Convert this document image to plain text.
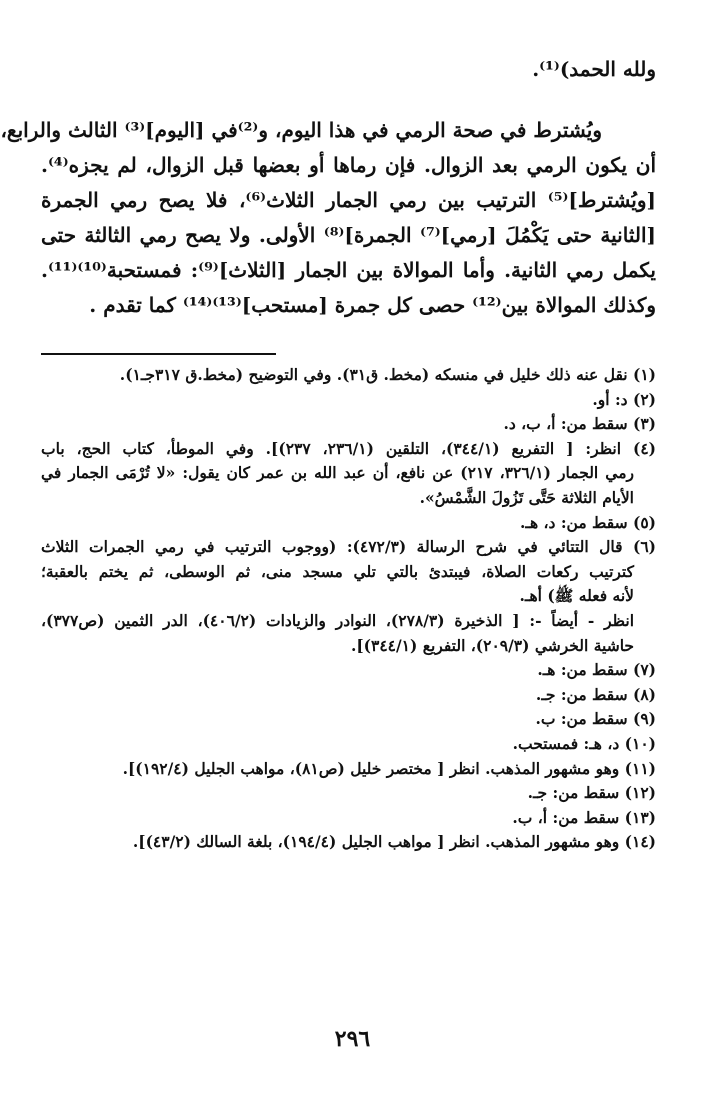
ولله الحمد)⁽¹⁾.
ويُشترط في صحة الرمي في هذا اليوم، و⁽²⁾في [اليوم]⁽³⁾ الثالث والرابع،
أن يكون الرمي بعد الزوال. فإن رماها أو بعضها قبل الزوال، لم يجزه⁽⁴⁾.
[ويُشترط]⁽⁵⁾ الترتيب بين رمي الجمار الثلاث⁽⁶⁾، فلا يصح رمي الجمرة
[الثانية حتى يَكْمُلَ [رمي]⁽⁷⁾ الجمرة]⁽⁸⁾ الأولى. ولا يصح رمي الثالثة حتى
يكمل رمي الثانية. وأما الموالاة بين الجمار [الثلاث]⁽⁹⁾: فمستحبة⁽¹⁰⁾⁽¹¹⁾.
وكذلك الموالاة بين⁽¹²⁾ حصى كل جمرة [مستحب]⁽¹³⁾⁽¹⁴⁾ كما تقدم .
(١) نقل عنه ذلك خليل في منسكه (مخط. ق٣١). وفي التوضيح (مخط.ق ٣١٧جـ١).
(٢) د: أو.
(٣) سقط من: أ، ب، د.
(٤) انظر: [ التفريع (٣٤٤/١)، التلقين (٢٣٦/١، ٢٣٧)]. وفي الموطأ، كتاب الحج، باب
رمي الجمار (٣٢٦/١، ٢١٧) عن نافع، أن عبد الله بن عمر كان يقول: «لا تُرْمَى الجمار في
الأيام الثلاثة حَتَّى تَزُولَ الشَّمْسُ».
(٥) سقط من: د، هـ.
(٦) قال التتائي في شرح الرسالة (٤٧٢/٣): (ووجوب الترتيب في رمي الجمرات الثلاث
كترتيب ركعات الصلاة، فيبتدئ بالتي تلي مسجد منى، ثم الوسطى، ثم يختم بالعقبة؛
لأنه فعله ﷺ) أهـ.
انظر - أيضاً -: [ الذخيرة (٢٧٨/٣)، النوادر والزيادات (٤٠٦/٢)، الدر الثمين (ص٣٧٧)،
حاشية الخرشي (٢٠٩/٣)، التفريع (٣٤٤/١)].
(٧) سقط من: هـ.
(٨) سقط من: جـ.
(٩) سقط من: ب.
(١٠) د، هـ: فمستحب.
(١١) وهو مشهور المذهب. انظر [ مختصر خليل (ص٨١)، مواهب الجليل (١٩٢/٤)].
(١٢) سقط من: جـ.
(١٣) سقط من: أ، ب.
(١٤) وهو مشهور المذهب. انظر [ مواهب الجليل (١٩٤/٤)، بلغة السالك (٤٣/٢)].
٢٩٦
